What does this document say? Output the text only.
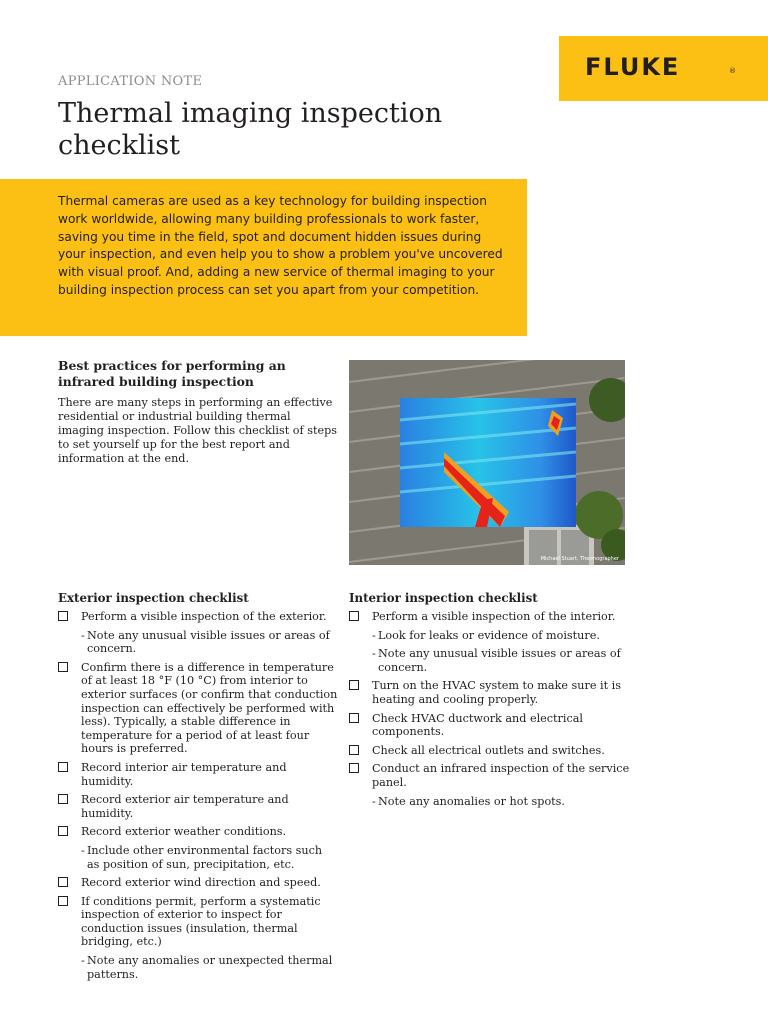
FLUKE	®
APPLICATION NOTE
Thermal imaging inspection checklist

Thermal cameras are used as a key technology for building inspection work worldwide, allowing many building professionals to work faster, saving you time in the field, spot and document hidden issues during your inspection, and even help you to show a problem you've uncovered with visual proof. And, adding a new service of thermal imaging to your building inspection process can set you apart from your competition.

Best practices for performing an infrared building inspection

There are many steps in performing an effective residential or industrial building thermal imaging inspection. Follow this checklist of steps to set yourself up for the best report and information at the end.

Michael Stuart, Thermographer
Exterior inspection checklist
Perform a visible inspection of the exterior.
- Note any unusual visible issues or areas of concern.
Confirm there is a difference in temperature of at least 18 °F (10 °C) from interior to exterior surfaces (or confirm that conduction inspection can effectively be performed with less). Typically, a stable difference in temperature for a period of at least four hours is preferred.
Record interior air temperature and humidity.
Record exterior air temperature and humidity.
Record exterior weather conditions.
- Include other environmental factors such as position of sun, precipitation, etc.
Record exterior wind direction and speed.
If conditions permit, perform a systematic inspection of exterior to inspect for conduction issues (insulation, thermal bridging, etc.)
- Note any anomalies or unexpected thermal patterns.
Interior inspection checklist
Perform a visible inspection of the interior.
- Look for leaks or evidence of moisture.
- Note any unusual visible issues or areas of concern.
Turn on the HVAC system to make sure it is heating and cooling properly.
Check HVAC ductwork and electrical components.
Check all electrical outlets and switches.
Conduct an infrared inspection of the service panel.
- Note any anomalies or hot spots.
